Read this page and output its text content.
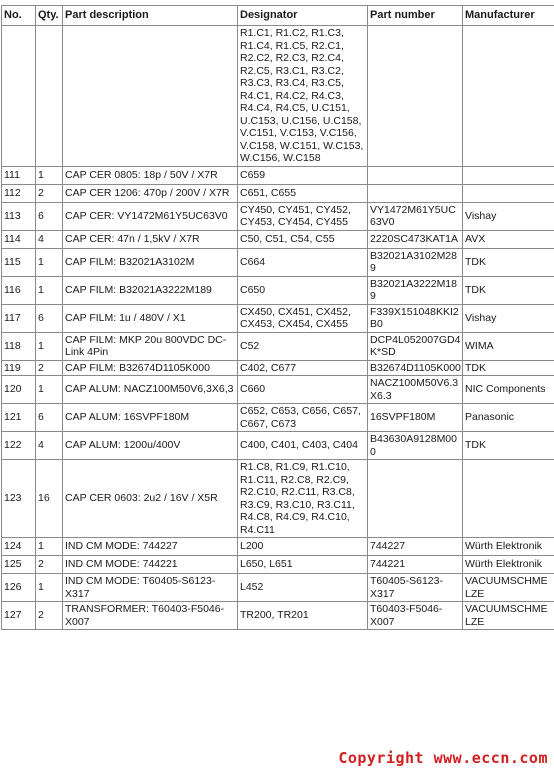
No.	Qty.	Part description	Designator	Part number	Manufacturer
			R1.C1, R1.C2, R1.C3, R1.C4, R1.C5, R2.C1, R2.C2, R2.C3, R2.C4, R2.C5, R3.C1, R3.C2, R3.C3, R3.C4, R3.C5, R4.C1, R4.C2, R4.C3, R4.C4, R4.C5, U.C151, U.C153, U.C156, U.C158, V.C151, V.C153, V.C156, V.C158, W.C151, W.C153, W.C156, W.C158		
111	1	CAP CER 0805: 18p / 50V / X7R	C659		
112	2	CAP CER 1206: 470p / 200V / X7R	C651, C655		
113	6	CAP CER: VY1472M61Y5UC63V0	CY450, CY451, CY452, CY453, CY454, CY455	VY1472M61Y5UC63V0	Vishay
114	4	CAP CER: 47n / 1,5kV / X7R	C50, C51, C54, C55	2220SC473KAT1A	AVX
115	1	CAP FILM: B32021A3102M	C664	B32021A3102M289	TDK
116	1	CAP FILM: B32021A3222M189	C650	B32021A3222M189	TDK
117	6	CAP FILM: 1u / 480V / X1	CX450, CX451, CX452, CX453, CX454, CX455	F339X151048KKI2B0	Vishay
118	1	CAP FILM: MKP 20u 800VDC DC-Link 4Pin	C52	DCP4L052007GD4K*SD	WIMA
119	2	CAP FILM: B32674D1105K000	C402, C677	B32674D1105K000	TDK
120	1	CAP ALUM: NACZ100M50V6,3X6,3	C660	NACZ100M50V6.3X6.3	NIC Components
121	6	CAP ALUM: 16SVPF180M	C652, C653, C656, C657, C667, C673	16SVPF180M	Panasonic
122	4	CAP ALUM: 1200u/400V	C400, C401, C403, C404	B43630A9128M000	TDK
123	16	CAP CER 0603: 2u2 / 16V / X5R	R1.C8, R1.C9, R1.C10, R1.C11, R2.C8, R2.C9, R2.C10, R2.C11, R3.C8, R3.C9, R3.C10, R3.C11, R4.C8, R4.C9, R4.C10, R4.C11		
124	1	IND CM MODE: 744227	L200	744227	Würth Elektronik
125	2	IND CM MODE: 744221	L650, L651	744221	Würth Elektronik
126	1	IND CM MODE: T60405-S6123-X317	L452	T60405-S6123-X317	VACUUMSCHMELZE
127	2	TRANSFORMER: T60403-F5046-X007	TR200, TR201	T60403-F5046-X007	VACUUMSCHMELZE
Copyright www.eccn.com
